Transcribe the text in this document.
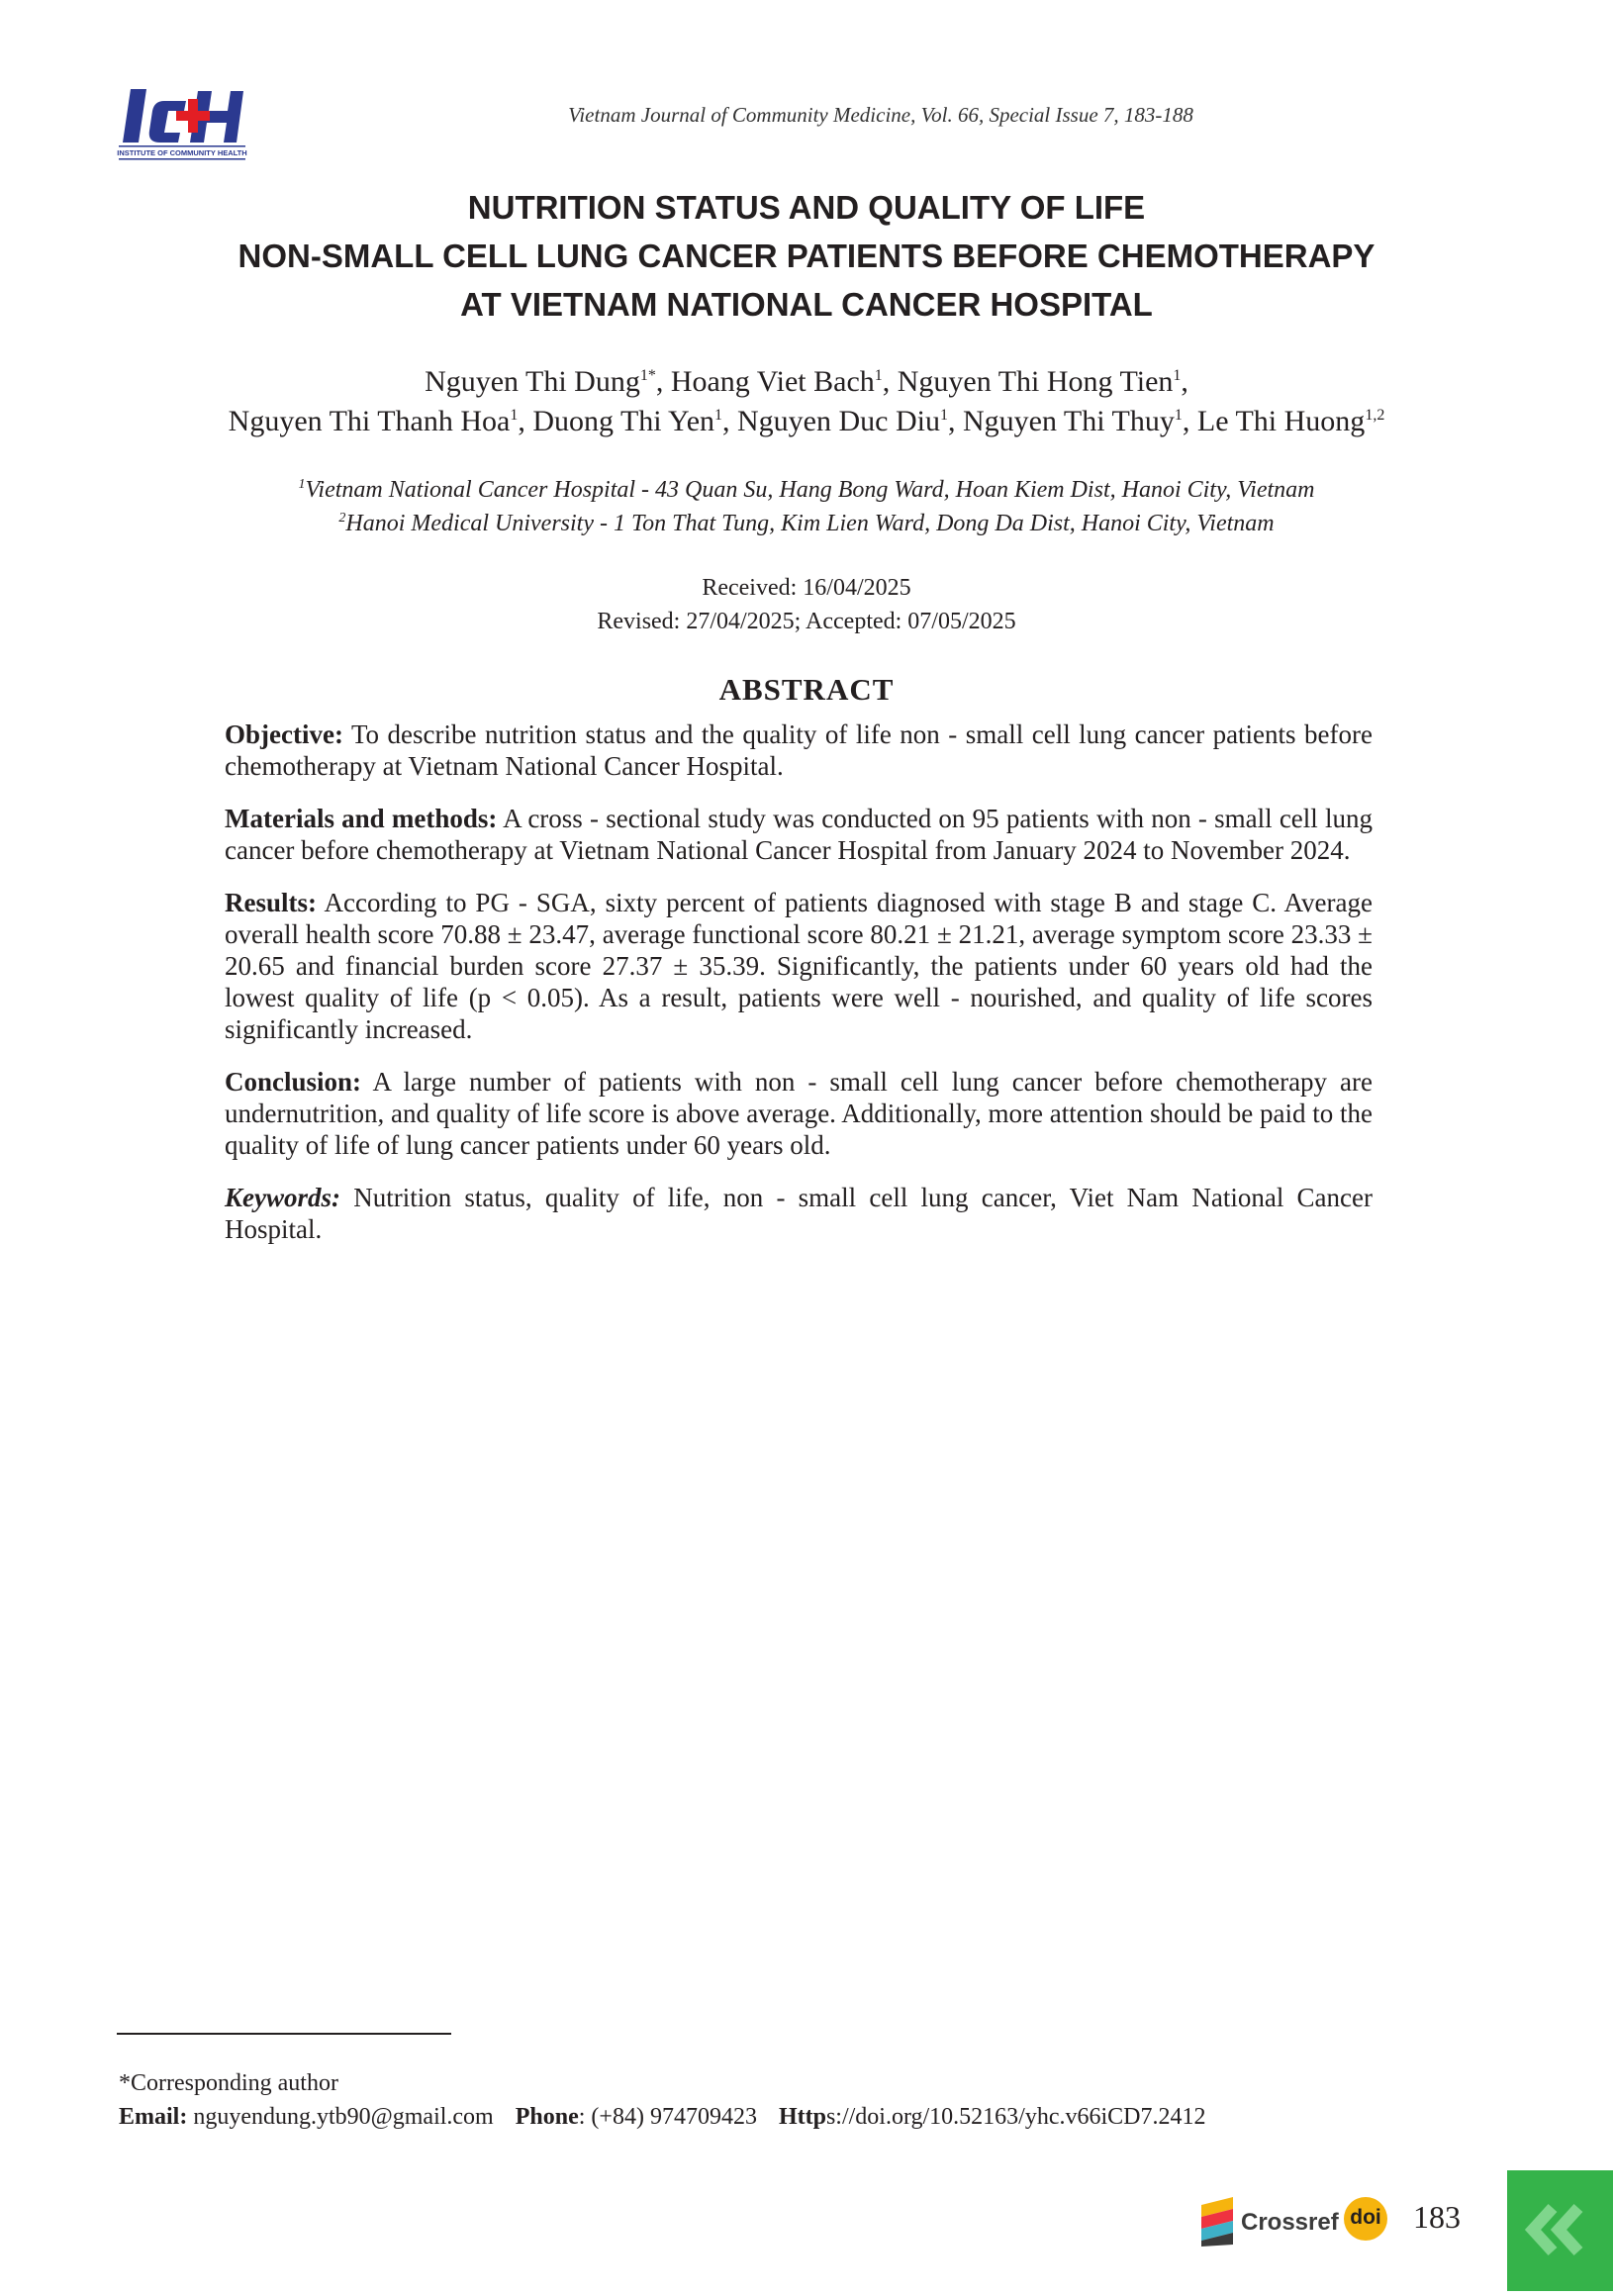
INSTITUTE OF COMMUNITY HEALTH
Vietnam Journal of Community Medicine, Vol. 66, Special Issue 7, 183-188
NUTRITION STATUS AND QUALITY OF LIFE
NON-SMALL CELL LUNG CANCER PATIENTS BEFORE CHEMOTHERAPY
AT VIETNAM NATIONAL CANCER HOSPITAL
Nguyen Thi Dung$^{1*}$, Hoang Viet Bach$^1$, Nguyen Thi Hong Tien$^1$,
Nguyen Thi Thanh Hoa$^1$, Duong Thi Yen$^1$, Nguyen Duc Diu$^1$, Nguyen Thi Thuy$^1$, Le Thi Huong$^{1,2}$
$^1$Vietnam National Cancer Hospital - 43 Quan Su, Hang Bong Ward, Hoan Kiem Dist, Hanoi City, Vietnam
$^2$Hanoi Medical University - 1 Ton That Tung, Kim Lien Ward, Dong Da Dist, Hanoi City, Vietnam
Received: 16/04/2025
Revised: 27/04/2025; Accepted: 07/05/2025
ABSTRACT

Objective: To describe nutrition status and the quality of life non - small cell lung cancer patients before chemotherapy at Vietnam National Cancer Hospital.

Materials and methods: A cross - sectional study was conducted on 95 patients with non - small cell lung cancer before chemotherapy at Vietnam National Cancer Hospital from January 2024 to November 2024.

Results: According to PG - SGA, sixty percent of patients diagnosed with stage B and stage C. Average overall health score 70.88 ± 23.47, average functional score 80.21 ± 21.21, average symptom score 23.33 ± 20.65 and financial burden score 27.37 ± 35.39. Significantly, the patients under 60 years old had the lowest quality of life (p < 0.05). As a result, patients were well - nourished, and quality of life scores significantly increased.

Conclusion: A large number of patients with non - small cell lung cancer before chemotherapy are undernutrition, and quality of life score is above average. Additionally, more attention should be paid to the quality of life of lung cancer patients under 60 years old.

Keywords: Nutrition status, quality of life, non - small cell lung cancer, Viet Nam National Cancer Hospital.

*Corresponding author
Email: nguyendung.ytb90@gmail.com Phone: (+84) 974709423 Https://doi.org/10.52163/yhc.v66iCD7.2412
Crossref doi 183
